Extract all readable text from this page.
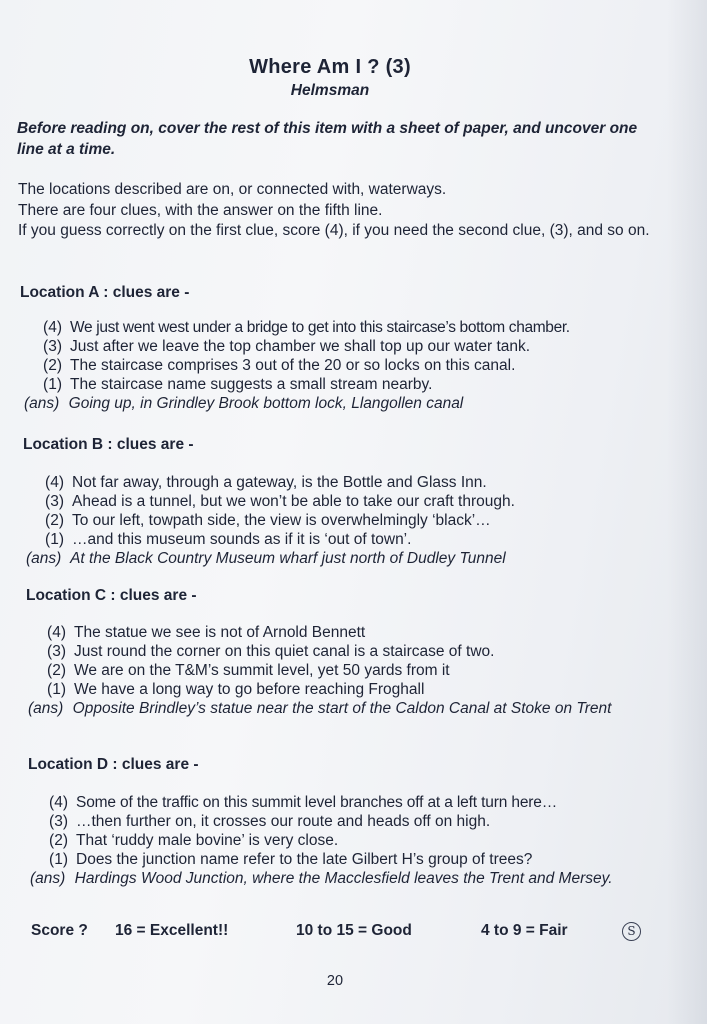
Where Am I ? (3)
Helmsman
Before reading on, cover the rest of this item with a sheet of paper, and uncover one line at a time.

The locations described are on, or connected with, waterways.

There are four clues, with the answer on the fifth line.

If you guess correctly on the first clue, score (4), if you need the second clue, (3), and so on.

Location A : clues are -
(4) We just went west under a bridge to get into this staircase’s bottom chamber.
(3) Just after we leave the top chamber we shall top up our water tank.
(2) The staircase comprises 3 out of the 20 or so locks on this canal.
(1) The staircase name suggests a small stream nearby.
(ans) Going up, in Grindley Brook bottom lock, Llangollen canal
Location B : clues are -
(4) Not far away, through a gateway, is the Bottle and Glass Inn.
(3) Ahead is a tunnel, but we won’t be able to take our craft through.
(2) To our left, towpath side, the view is overwhelmingly ‘black’…
(1) …and this museum sounds as if it is ‘out of town’.
(ans) At the Black Country Museum wharf just north of Dudley Tunnel
Location C : clues are -
(4) The statue we see is not of Arnold Bennett
(3) Just round the corner on this quiet canal is a staircase of two.
(2) We are on the T&M’s summit level, yet 50 yards from it
(1) We have a long way to go before reaching Froghall
(ans) Opposite Brindley’s statue near the start of the Caldon Canal at Stoke on Trent
Location D : clues are -
(4) Some of the traffic on this summit level branches off at a left turn here…
(3) …then further on, it crosses our route and heads off on high.
(2) That ‘ruddy male bovine’ is very close.
(1) Does the junction name refer to the late Gilbert H’s group of trees?
(ans) Hardings Wood Junction, where the Macclesfield leaves the Trent and Mersey.
Score ? 16 = Excellent!!	10 to 15 = Good	4 to 9 = Fair	S
20
